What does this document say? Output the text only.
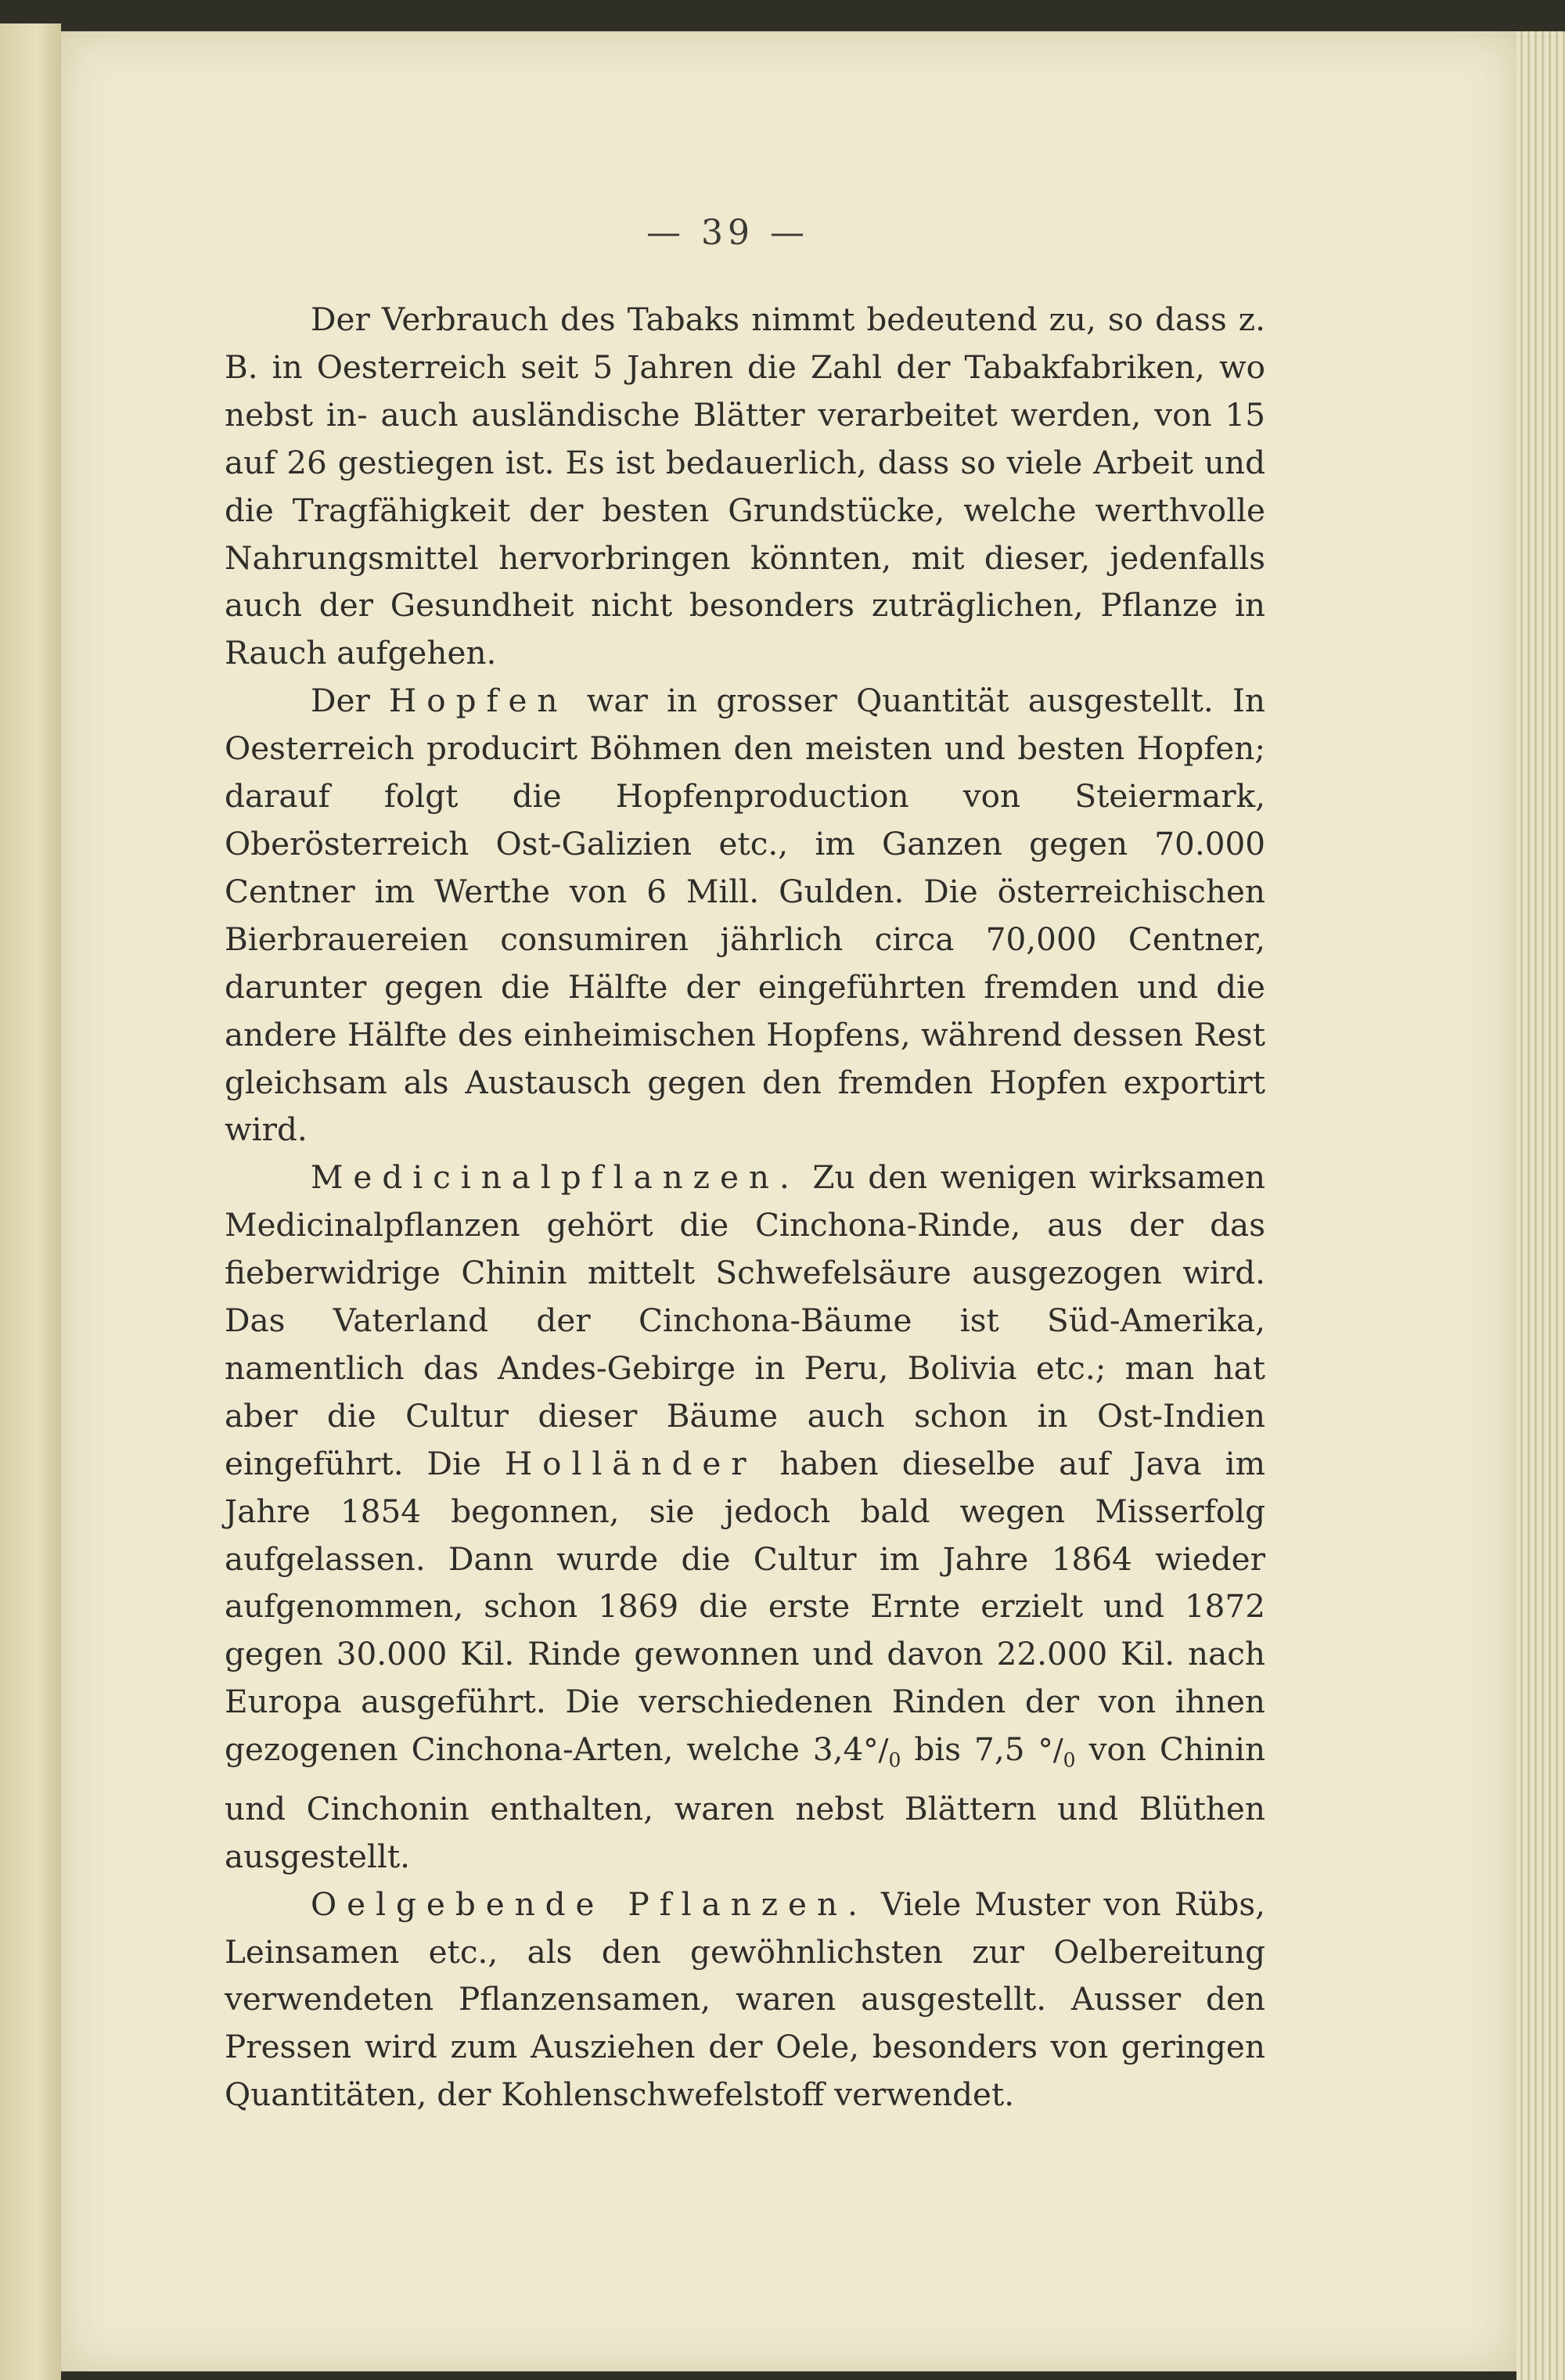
— 39 —

Der Verbrauch des Tabaks nimmt bedeutend zu, so dass z. B. in Oesterreich seit 5 Jahren die Zahl der Tabakfabriken, wo nebst in- auch ausländische Blätter verarbeitet werden, von 15 auf 26 gestiegen ist. Es ist bedauerlich, dass so viele Arbeit und die Tragfähigkeit der besten Grundstücke, welche werthvolle Nahrungsmittel hervorbringen könnten, mit dieser, jedenfalls auch der Gesundheit nicht besonders zuträglichen, Pflanze in Rauch aufgehen.

Der Hopfen war in grosser Quantität ausgestellt. In Oesterreich producirt Böhmen den meisten und besten Hopfen; darauf folgt die Hopfenproduction von Steiermark, Oberösterreich Ost-Galizien etc., im Ganzen gegen 70.000 Centner im Werthe von 6 Mill. Gulden. Die österreichischen Bierbrauereien consumiren jährlich circa 70,000 Centner, darunter gegen die Hälfte der eingeführten fremden und die andere Hälfte des einheimischen Hopfens, während dessen Rest gleichsam als Austausch gegen den fremden Hopfen exportirt wird.

Medicinalpflanzen. Zu den wenigen wirksamen Medicinalpflanzen gehört die Cinchona-Rinde, aus der das fieberwidrige Chinin mittelt Schwefelsäure ausgezogen wird. Das Vaterland der Cinchona-Bäume ist Süd-Amerika, namentlich das Andes-Gebirge in Peru, Bolivia etc.; man hat aber die Cultur dieser Bäume auch schon in Ost-Indien eingeführt. Die Holländer haben dieselbe auf Java im Jahre 1854 begonnen, sie jedoch bald wegen Misserfolg aufgelassen. Dann wurde die Cultur im Jahre 1864 wieder aufgenommen, schon 1869 die erste Ernte erzielt und 1872 gegen 30.000 Kil. Rinde gewonnen und davon 22.000 Kil. nach Europa ausgeführt. Die verschiedenen Rinden der von ihnen gezogenen Cinchona-Arten, welche $3,4^\circ/_0$ bis 7,5 $^\circ/_0$ von Chinin und Cinchonin enthalten, waren nebst Blättern und Blüthen ausgestellt.

Oelgebende Pflanzen. Viele Muster von Rübs, Leinsamen etc., als den gewöhnlichsten zur Oelbereitung verwendeten Pflanzensamen, waren ausgestellt. Ausser den Pressen wird zum Ausziehen der Oele, besonders von geringen Quantitäten, der Kohlenschwefelstoff verwendet.
